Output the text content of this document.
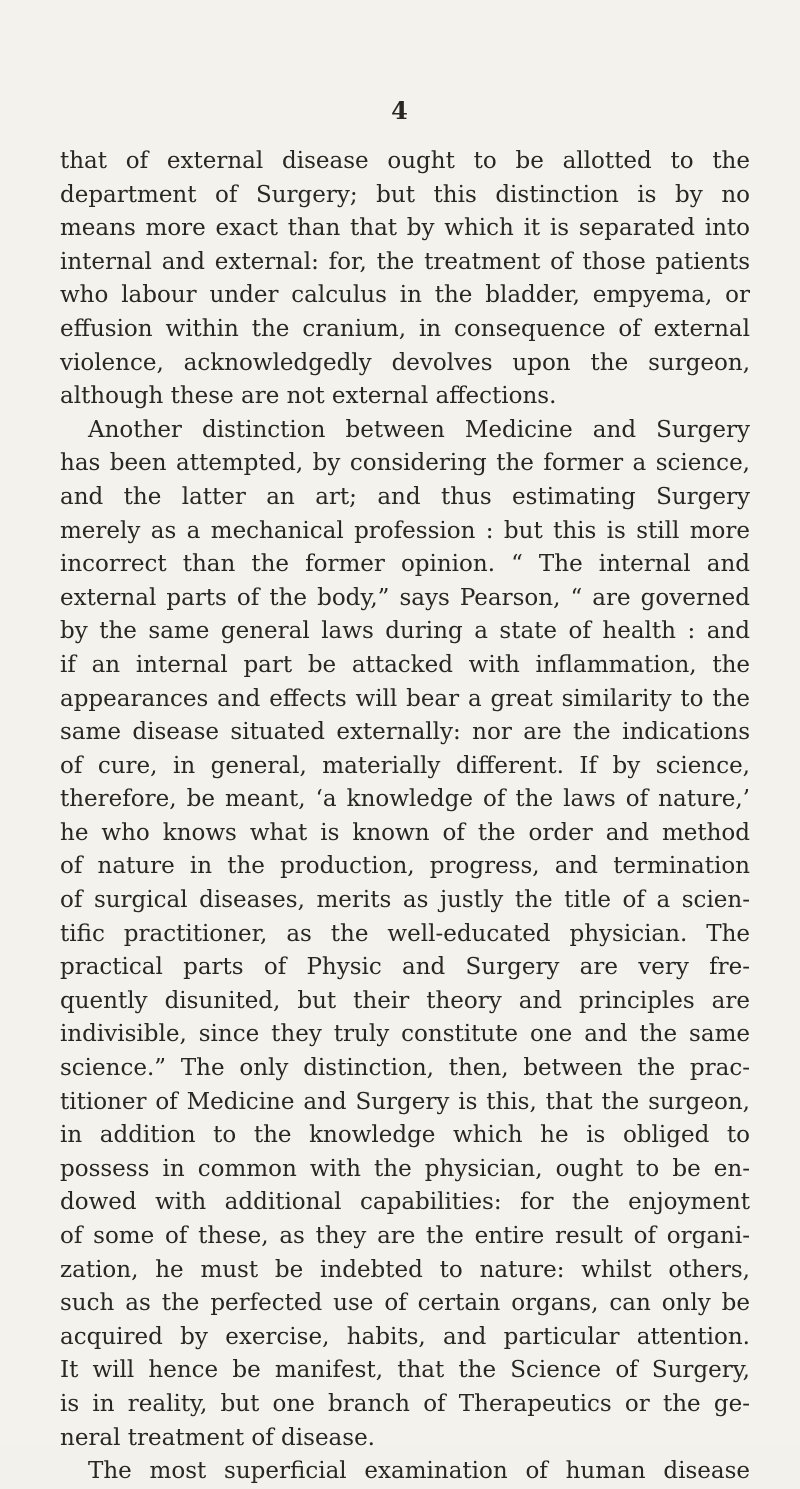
4
that of external disease ought to be allotted to the
department of Surgery; but this distinction is by no
means more exact than that by which it is separated into
internal and external: for, the treatment of those patients
who labour under calculus in the bladder, empyema, or
effusion within the cranium, in consequence of external
violence, acknowledgedly devolves upon the surgeon,
although these are not external affections.
Another distinction between Medicine and Surgery
has been attempted, by considering the former a science,
and the latter an art; and thus estimating Surgery
merely as a mechanical profession : but this is still more
incorrect than the former opinion. “ The internal and
external parts of the body,” says Pearson, “ are governed
by the same general laws during a state of health : and
if an internal part be attacked with inflammation, the
appearances and effects will bear a great similarity to the
same disease situated externally: nor are the indications
of cure, in general, materially different. If by science,
therefore, be meant, ‘a knowledge of the laws of nature,’
he who knows what is known of the order and method
of nature in the production, progress, and termination
of surgical diseases, merits as justly the title of a scien-
tific practitioner, as the well-educated physician. The
practical parts of Physic and Surgery are very fre-
quently disunited, but their theory and principles are
indivisible, since they truly constitute one and the same
science.” The only distinction, then, between the prac-
titioner of Medicine and Surgery is this, that the surgeon,
in addition to the knowledge which he is obliged to
possess in common with the physician, ought to be en-
dowed with additional capabilities: for the enjoyment
of some of these, as they are the entire result of organi-
zation, he must be indebted to nature: whilst others,
such as the perfected use of certain organs, can only be
acquired by exercise, habits, and particular attention.
It will hence be manifest, that the Science of Surgery,
is in reality, but one branch of Therapeutics or the ge-
neral treatment of disease.
The most superficial examination of human disease
